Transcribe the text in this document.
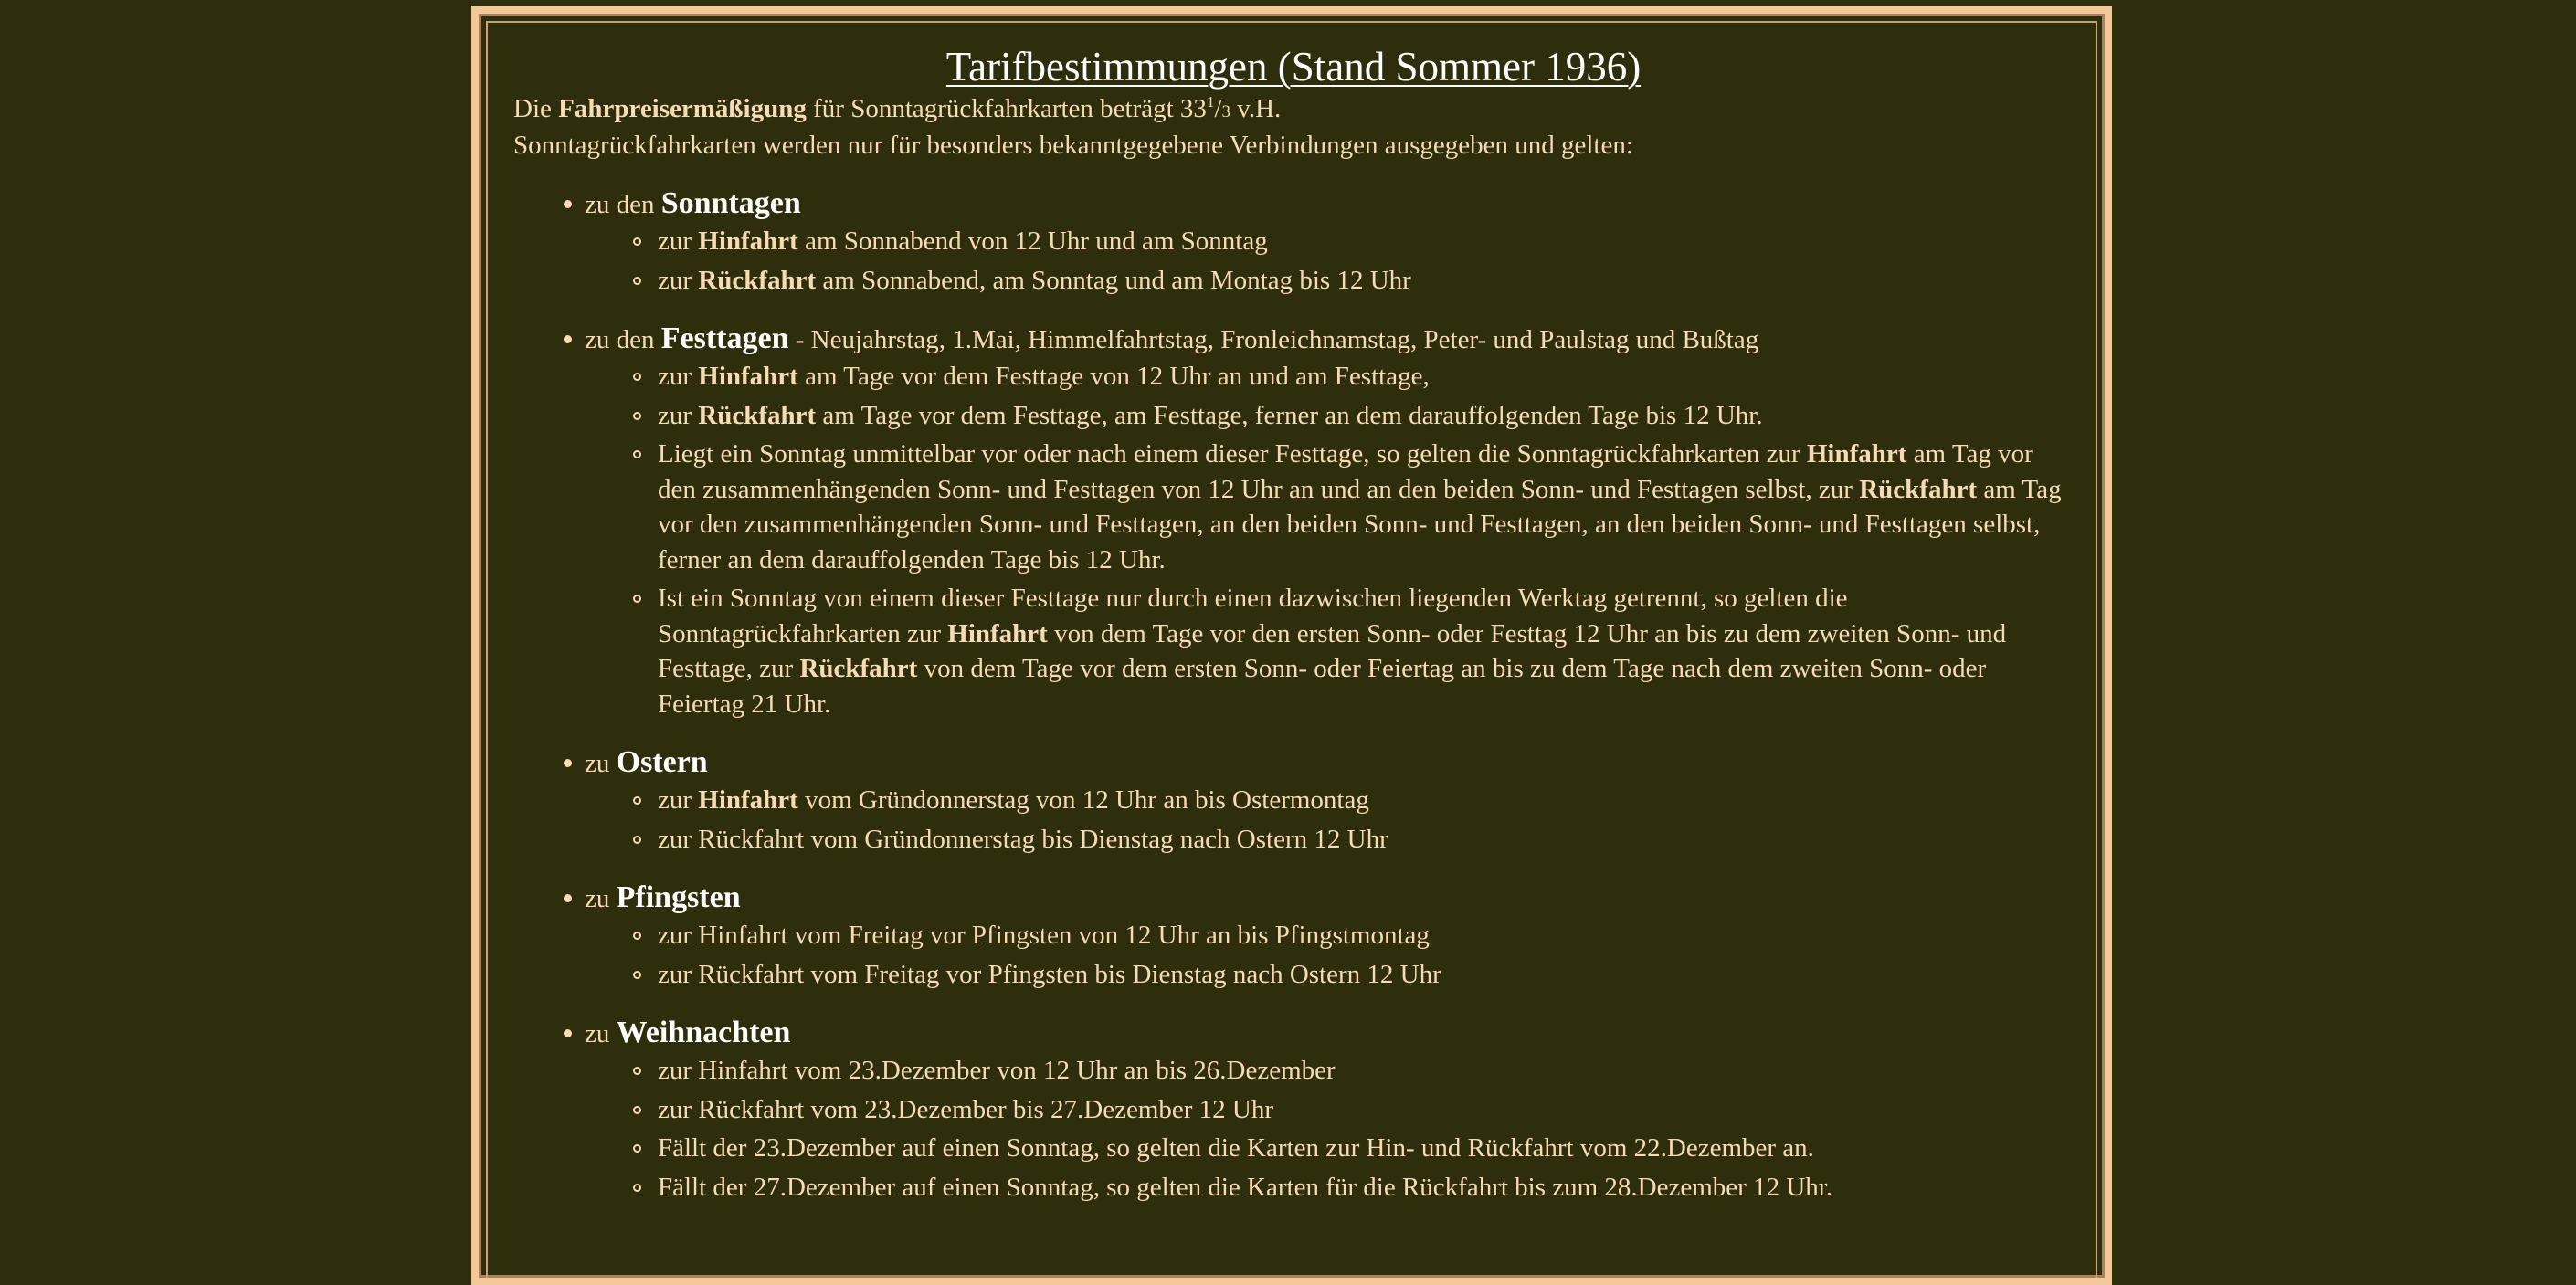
Tarifbestimmungen (Stand Sommer 1936)

Die Fahrpreisermäßigung für Sonntagrückfahrkarten beträgt $33^1/3$ v.H.

Sonntagrückfahrkarten werden nur für besonders bekanntgegebene Verbindungen ausgegeben und gelten:

zu den Sonntagen
zur Hinfahrt am Sonnabend von 12 Uhr und am Sonntag
zur Rückfahrt am Sonnabend, am Sonntag und am Montag bis 12 Uhr
zu den Festtagen - Neujahrstag, 1.Mai, Himmelfahrtstag, Fronleichnamstag, Peter- und Paulstag und Bußtag
zur Hinfahrt am Tage vor dem Festtage von 12 Uhr an und am Festtage,
zur Rückfahrt am Tage vor dem Festtage, am Festtage, ferner an dem darauffolgenden Tage bis 12 Uhr.
Liegt ein Sonntag unmittelbar vor oder nach einem dieser Festtage, so gelten die Sonntagrückfahrkarten zur Hinfahrt am Tag vor den zusammenhängenden Sonn- und Festtagen von 12 Uhr an und an den beiden Sonn- und Festtagen selbst, zur Rückfahrt am Tag vor den zusammenhängenden Sonn- und Festtagen, an den beiden Sonn- und Festtagen, an den beiden Sonn- und Festtagen selbst, ferner an dem darauffolgenden Tage bis 12 Uhr.
Ist ein Sonntag von einem dieser Festtage nur durch einen dazwischen liegenden Werktag getrennt, so gelten die Sonntagrückfahrkarten zur Hinfahrt von dem Tage vor den ersten Sonn- oder Festtag 12 Uhr an bis zu dem zweiten Sonn- und Festtage, zur Rückfahrt von dem Tage vor dem ersten Sonn- oder Feiertag an bis zu dem Tage nach dem zweiten Sonn- oder Feiertag 21 Uhr.
zu Ostern
zur Hinfahrt vom Gründonnerstag von 12 Uhr an bis Ostermontag
zur Rückfahrt vom Gründonnerstag bis Dienstag nach Ostern 12 Uhr
zu Pfingsten
zur Hinfahrt vom Freitag vor Pfingsten von 12 Uhr an bis Pfingstmontag
zur Rückfahrt vom Freitag vor Pfingsten bis Dienstag nach Ostern 12 Uhr
zu Weihnachten
zur Hinfahrt vom 23.Dezember von 12 Uhr an bis 26.Dezember
zur Rückfahrt vom 23.Dezember bis 27.Dezember 12 Uhr
Fällt der 23.Dezember auf einen Sonntag, so gelten die Karten zur Hin- und Rückfahrt vom 22.Dezember an.
Fällt der 27.Dezember auf einen Sonntag, so gelten die Karten für die Rückfahrt bis zum 28.Dezember 12 Uhr.
